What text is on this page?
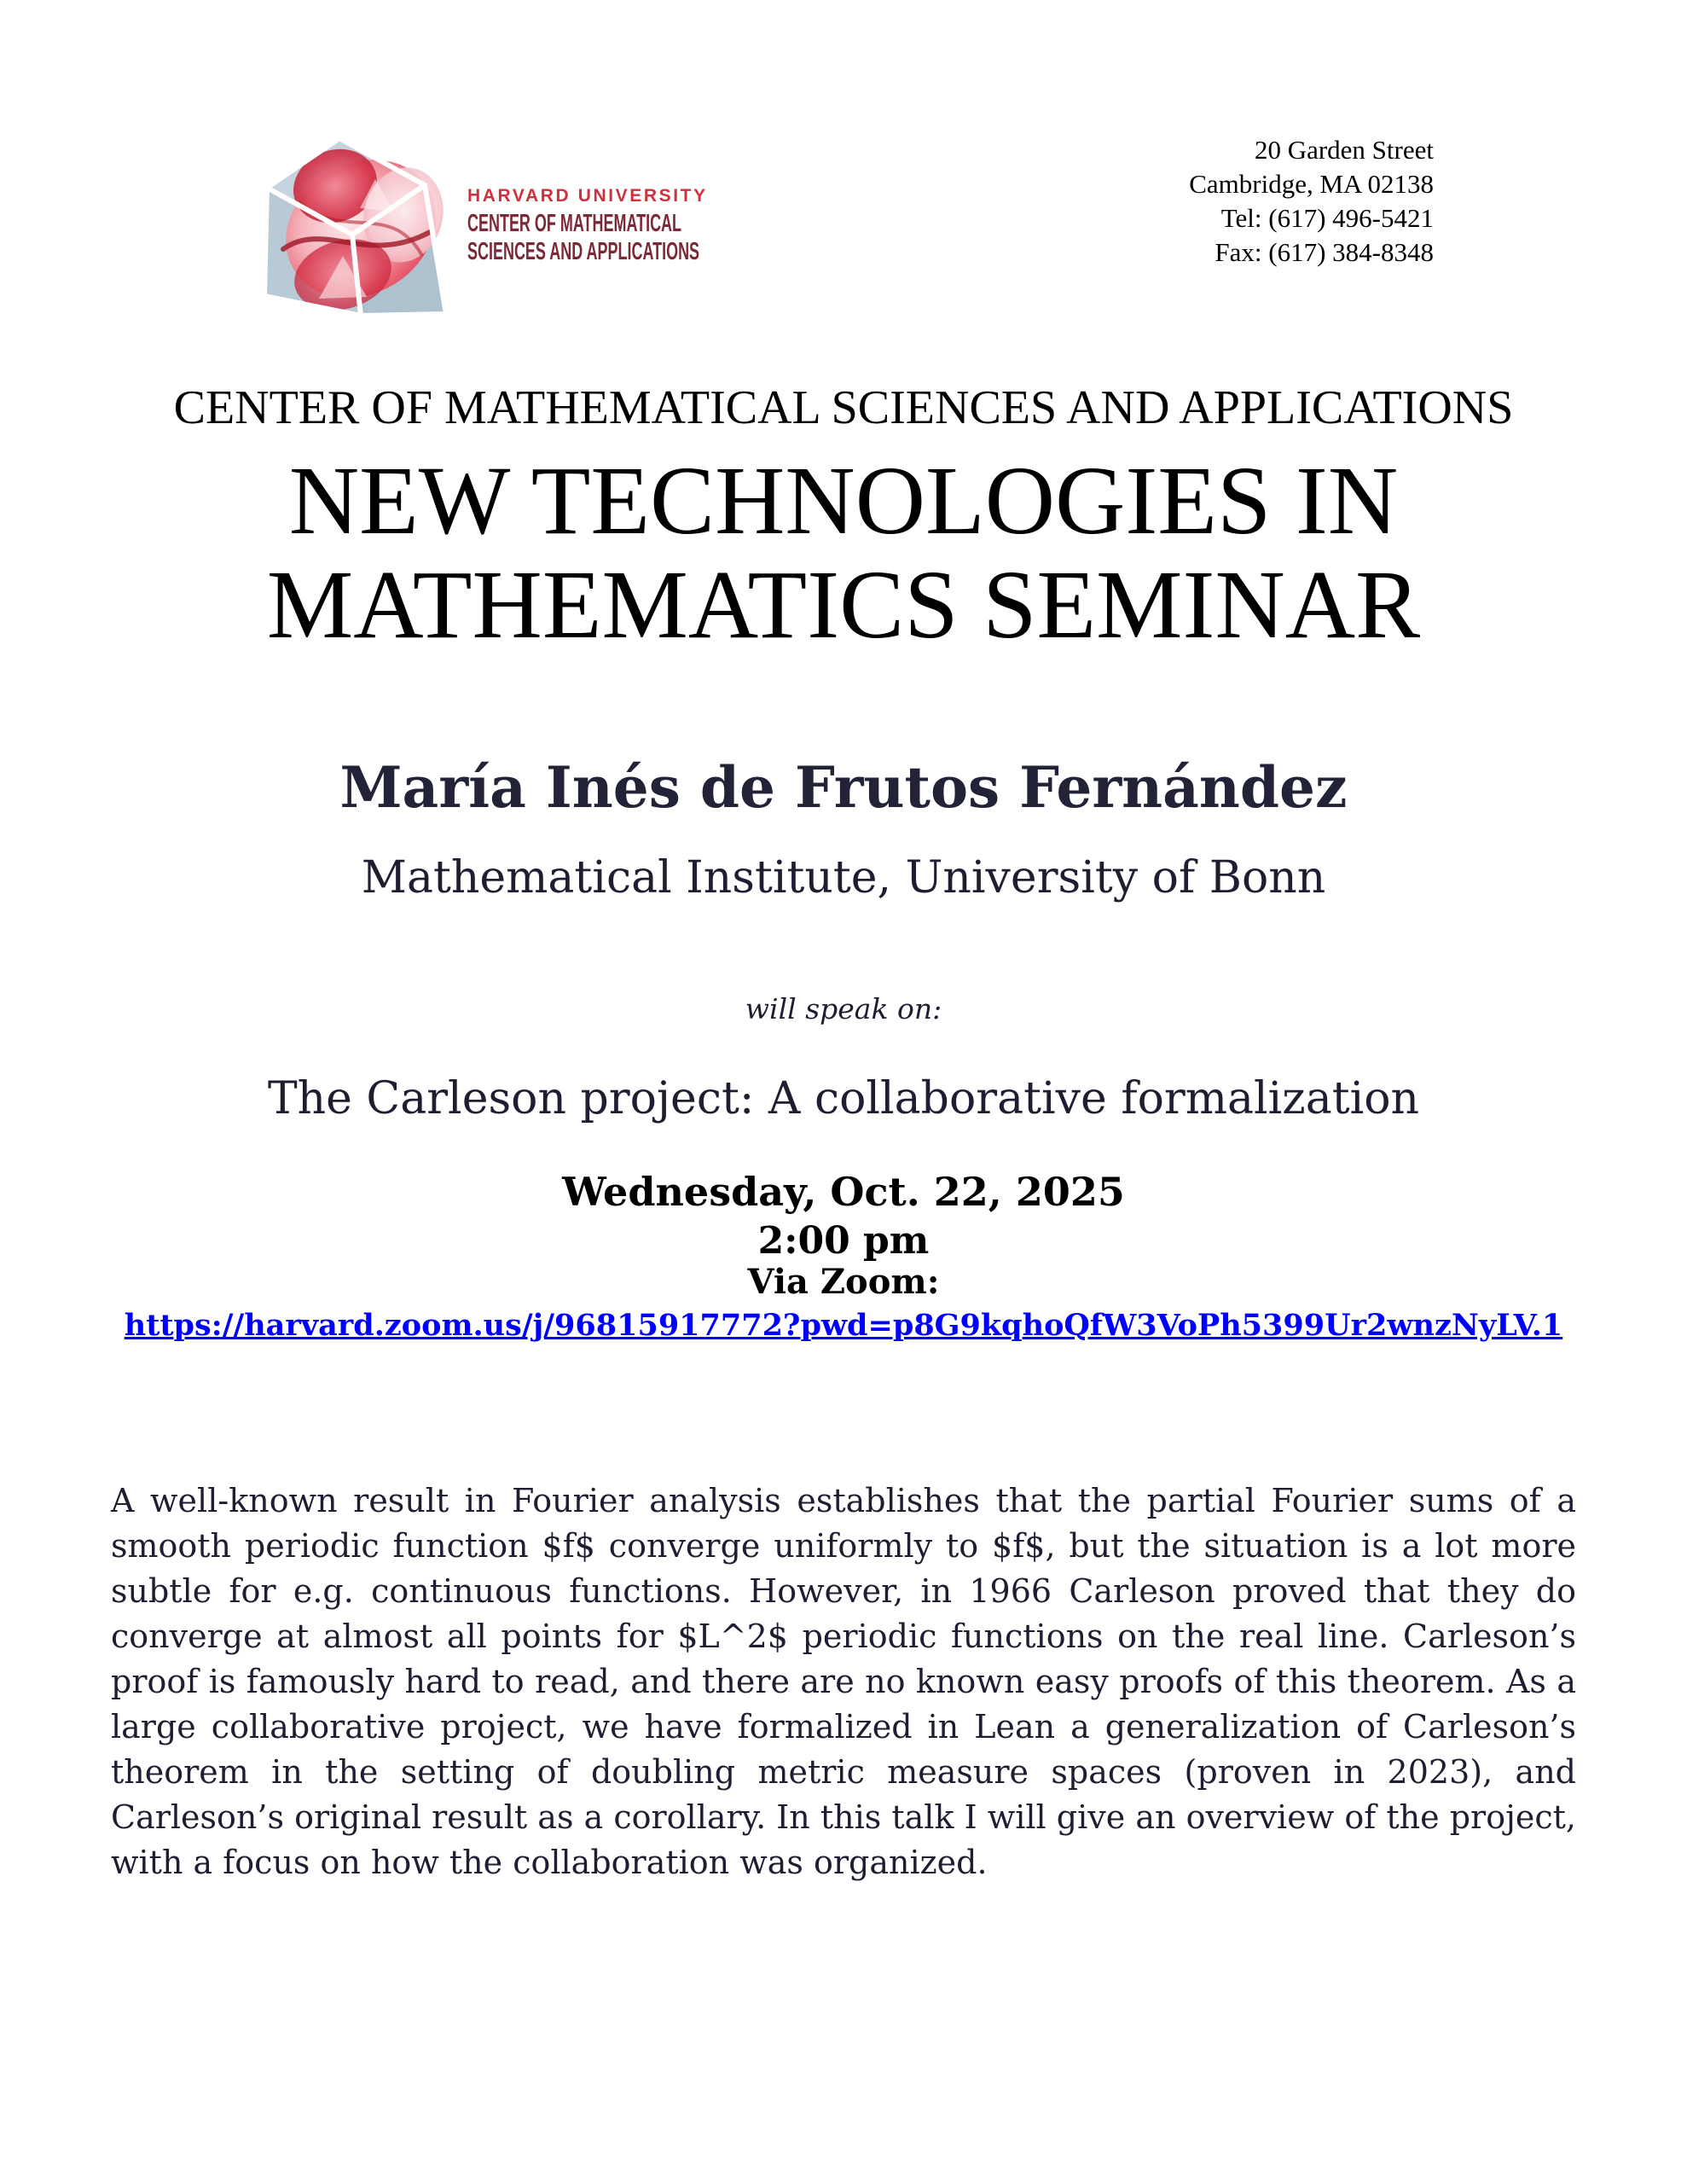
HARVARD UNIVERSITY
CENTER OF MATHEMATICAL
SCIENCES AND APPLICATIONS
20 Garden Street
Cambridge, MA 02138
Tel: (617) 496-5421
Fax: (617) 384-8348
CENTER OF MATHEMATICAL SCIENCES AND APPLICATIONS
NEW TECHNOLOGIES IN
MATHEMATICS SEMINAR
María Inés de Frutos Fernández
Mathematical Institute, University of Bonn
will speak on:
The Carleson project: A collaborative formalization
Wednesday, Oct. 22, 2025
2:00 pm
Via Zoom:
https://harvard.zoom.us/j/96815917772?pwd=p8G9kqhoQfW3VoPh5399Ur2wnzNyLV.1

A well-known result in Fourier analysis establishes that the partial Fourier sums of a smooth periodic function $f$ converge uniformly to $f$, but the situation is a lot more subtle for e.g. continuous functions. However, in 1966 Carleson proved that they do converge at almost all points for $L^2$ periodic functions on the real line. Carleson’s proof is famously hard to read, and there are no known easy proofs of this theorem. As a large collaborative project, we have formalized in Lean a generalization of Carleson’s theorem in the setting of doubling metric measure spaces (proven in 2023), and Carleson’s original result as a corollary. In this talk I will give an overview of the project, with a focus on how the collaboration was organized.
